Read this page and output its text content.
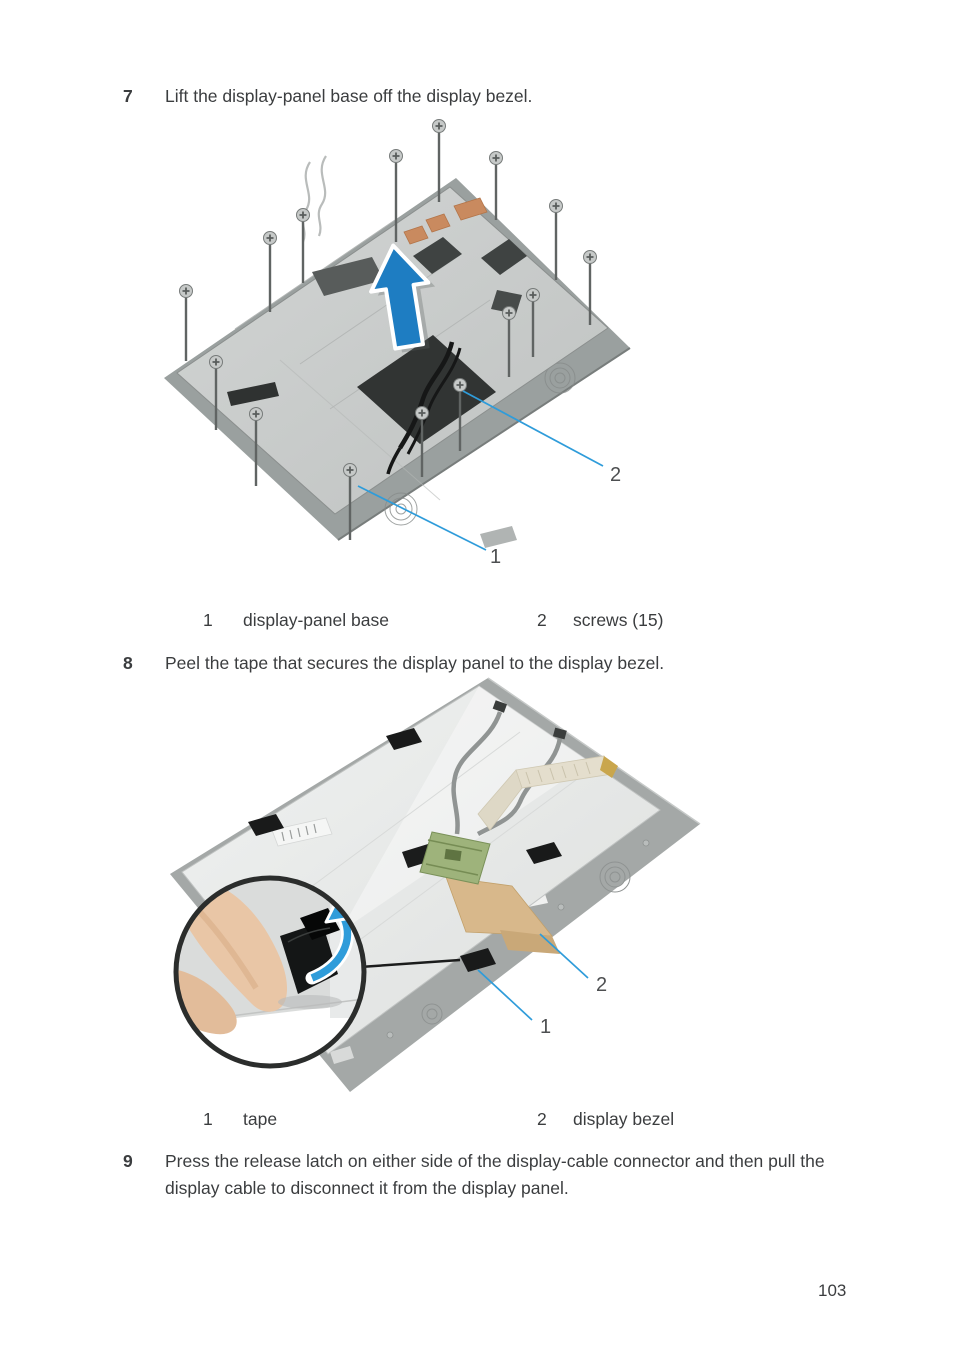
7	Lift the display-panel base off the display bezel.
2
1
1 display-panel base	2 screws (15)
8	Peel the tape that secures the display panel to the display bezel.
2
1
1 tape	2 display bezel
9	Press the release latch on either side of the display-cable connector and then pull the display cable to disconnect it from the display panel.
103
